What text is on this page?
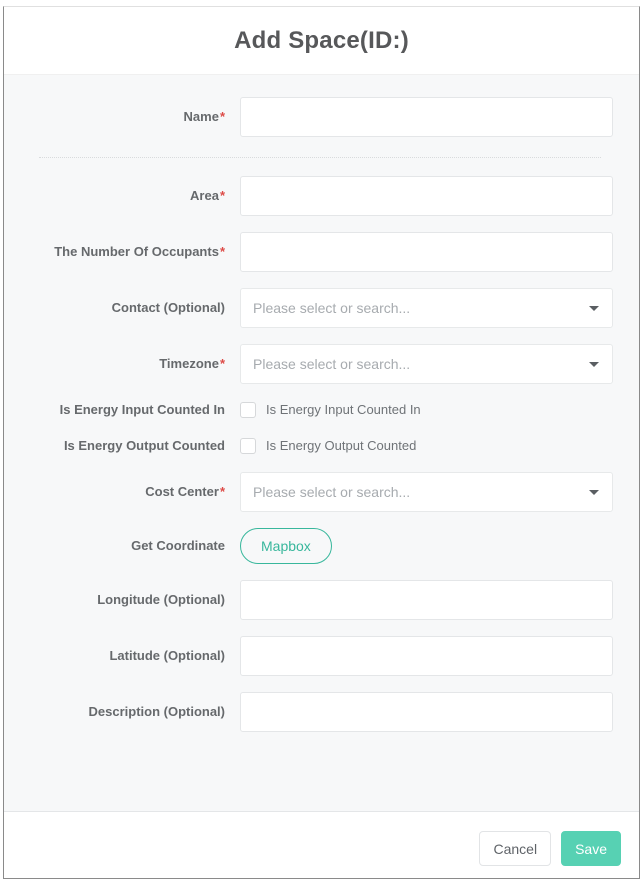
Add Space(ID:)
Name*
Area*
The Number Of Occupants*
Contact (Optional) Please select or search...
Timezone* Please select or search...
Is Energy Input Counted In	Is Energy Input Counted In
Is Energy Output Counted	Is Energy Output Counted
Cost Center* Please select or search...
Get Coordinate	Mapbox
Longitude (Optional)
Latitude (Optional)
Description (Optional)
Cancel	Save
